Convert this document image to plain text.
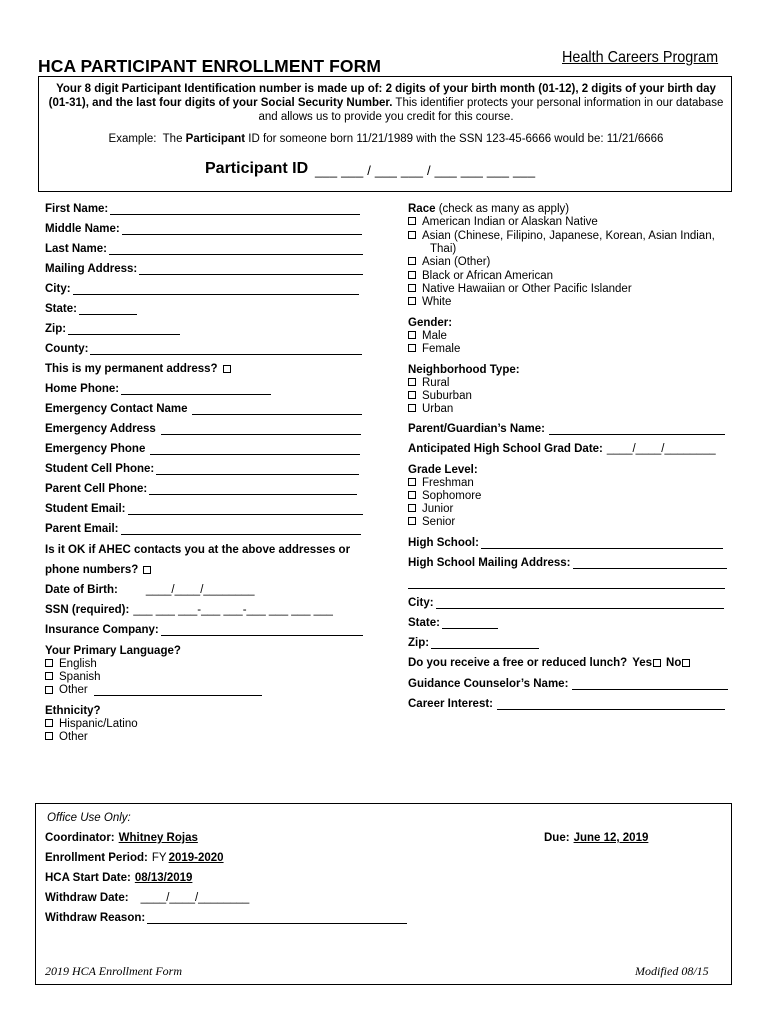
HCA PARTICIPANT ENROLLMENT FORM	Health Careers Program
Your 8 digit Participant Identification number is made up of: 2 digits of your birth month (01-12), 2 digits of your birth day (01-31), and the last four digits of your Social Security Number. This identifier protects your personal information in our database and allows us to provide you credit for this course.
Example:  The Participant ID for someone born 11/21/1989 with the SSN 123-45-6666 would be: 11/21/6666
Participant ID ___ ___ / ___ ___ / ___ ___ ___ ___
First Name:
Middle Name:
Last Name:
Mailing Address:
City:
State:
Zip:
County:
This is my permanent address?
Home Phone:
Emergency Contact Name
Emergency Address
Emergency Phone
Student Cell Phone:
Parent Cell Phone:
Student Email:
Parent Email:
Is it OK if AHEC contacts you at the above addresses or
phone numbers?
Date of Birth: ____/____/________
SSN (required): ___ ___ ___-___ ___-___ ___ ___ ___
Insurance Company:
Your Primary Language?
English
Spanish
Other
Ethnicity?
Hispanic/Latino
Other
Race (check as many as apply)
American Indian or Alaskan Native
Asian (Chinese, Filipino, Japanese, Korean, Asian Indian,
Thai)
Asian (Other)
Black or African American
Native Hawaiian or Other Pacific Islander
White
Gender:
Male
Female
Neighborhood Type:
Rural
Suburban
Urban
Parent/Guardian’s Name:
Anticipated High School Grad Date: ____/____/________
Grade Level:
Freshman
Sophomore
Junior
Senior
High School:
High School Mailing Address:
City:
State:
Zip:
Do you receive a free or reduced lunch? Yes No
Guidance Counselor’s Name:
Career Interest:
Office Use Only:
Coordinator: Whitney Rojas	Due: June 12, 2019
Enrollment Period: FY 2019-2020
HCA Start Date: 08/13/2019
Withdraw Date: ____/____/________
Withdraw Reason:
2019 HCA Enrollment Form	Modified 08/15
